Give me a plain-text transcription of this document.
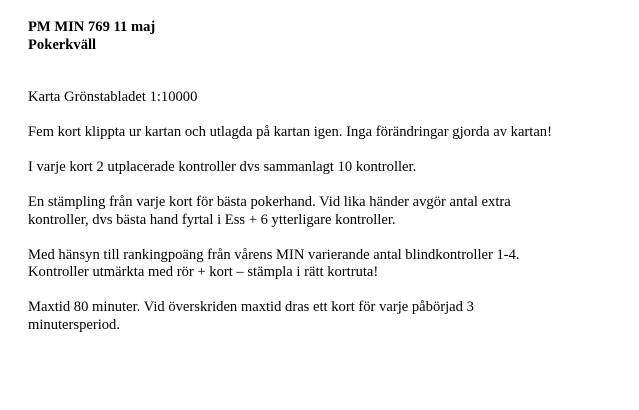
PM MIN 769 11 maj

Pokerkväll

Karta Grönstabladet 1:10000

Fem kort klippta ur kartan och utlagda på kartan igen. Inga förändringar gjorda av kartan!

I varje kort 2 utplacerade kontroller dvs sammanlagt 10 kontroller.

En stämpling från varje kort för bästa pokerhand. Vid lika händer avgör antal extra
kontroller, dvs bästa hand fyrtal i Ess + 6 ytterligare kontroller.

Med hänsyn till rankingpoäng från vårens MIN varierande antal blindkontroller 1-4.
Kontroller utmärkta med rör + kort – stämpla i rätt kortruta!

Maxtid 80 minuter. Vid överskriden maxtid dras ett kort för varje påbörjad 3
minutersperiod.
